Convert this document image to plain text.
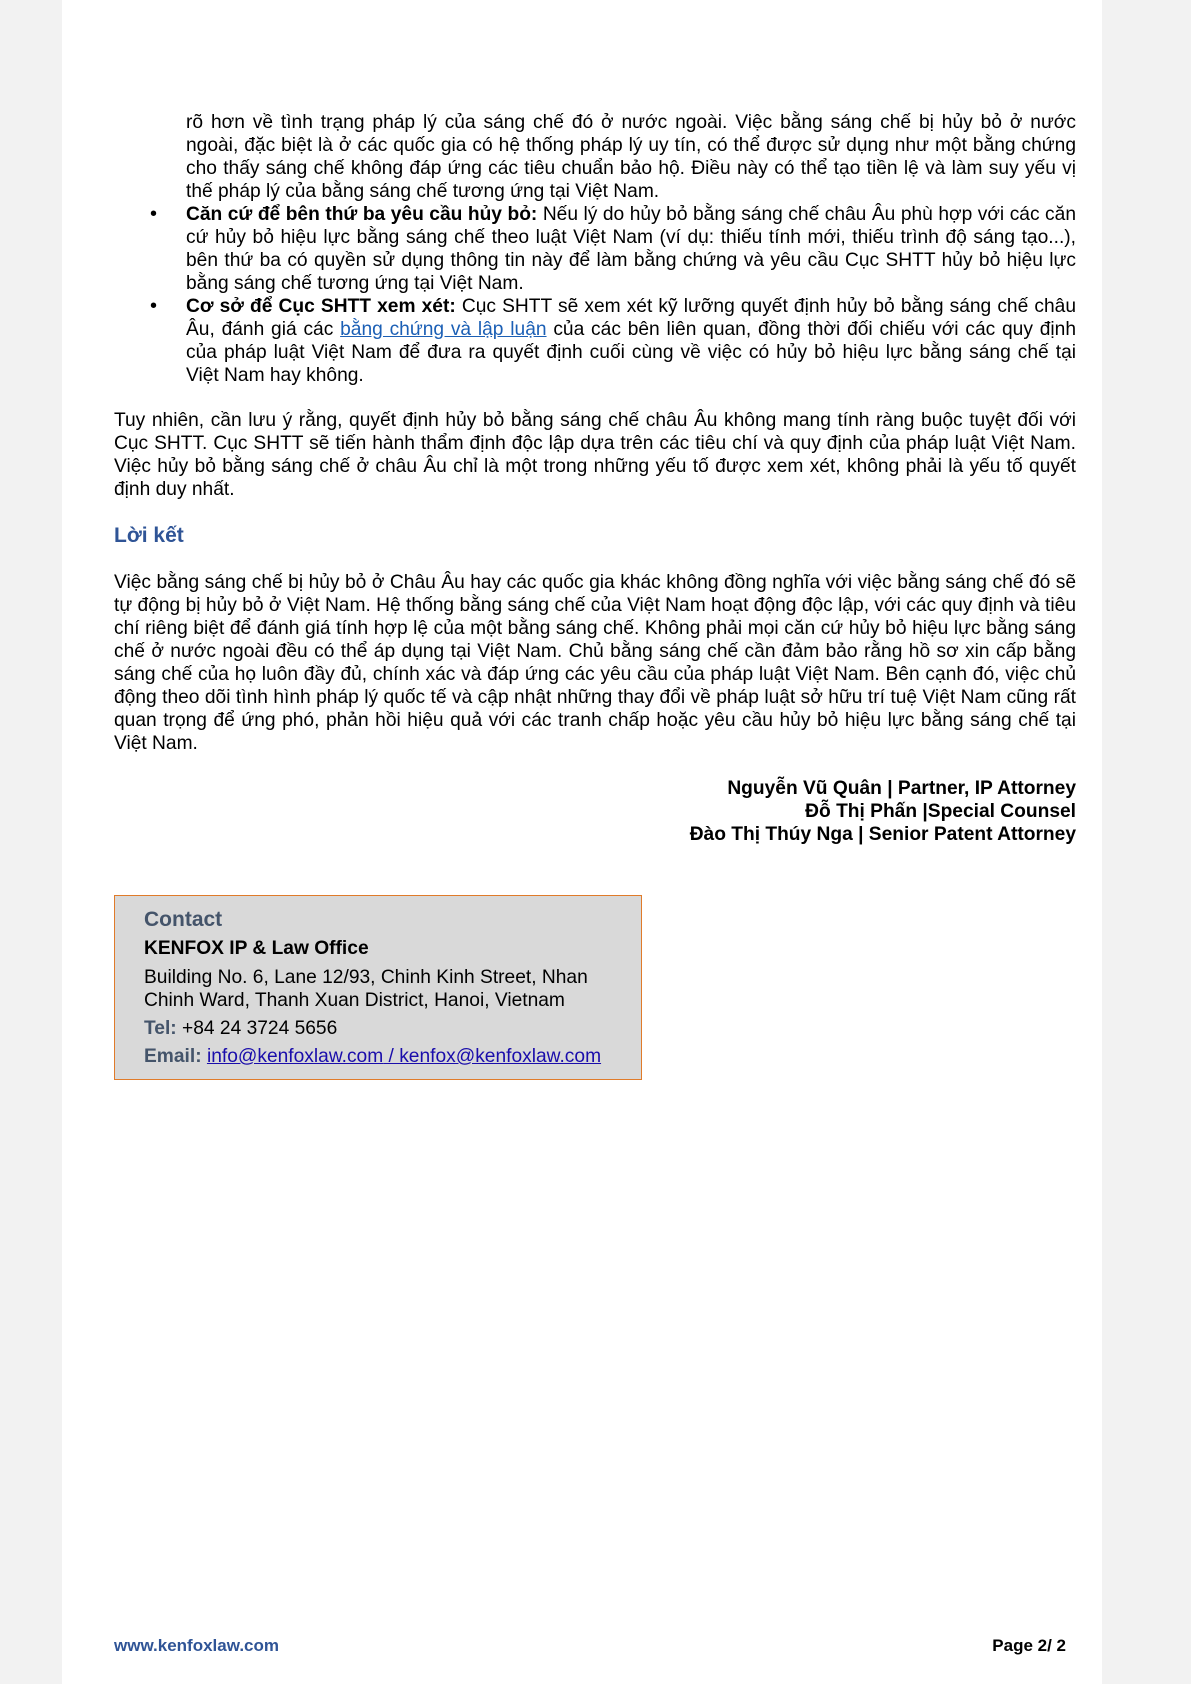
rõ hơn về tình trạng pháp lý của sáng chế đó ở nước ngoài. Việc bằng sáng chế bị hủy bỏ ở nước ngoài, đặc biệt là ở các quốc gia có hệ thống pháp lý uy tín, có thể được sử dụng như một bằng chứng cho thấy sáng chế không đáp ứng các tiêu chuẩn bảo hộ. Điều này có thể tạo tiền lệ và làm suy yếu vị thế pháp lý của bằng sáng chế tương ứng tại Việt Nam.

• Căn cứ để bên thứ ba yêu cầu hủy bỏ: Nếu lý do hủy bỏ bằng sáng chế châu Âu phù hợp với các căn cứ hủy bỏ hiệu lực bằng sáng chế theo luật Việt Nam (ví dụ: thiếu tính mới, thiếu trình độ sáng tạo...), bên thứ ba có quyền sử dụng thông tin này để làm bằng chứng và yêu cầu Cục SHTT hủy bỏ hiệu lực bằng sáng chế tương ứng tại Việt Nam.
• Cơ sở để Cục SHTT xem xét: Cục SHTT sẽ xem xét kỹ lưỡng quyết định hủy bỏ bằng sáng chế châu Âu, đánh giá các bằng chứng và lập luận của các bên liên quan, đồng thời đối chiếu với các quy định của pháp luật Việt Nam để đưa ra quyết định cuối cùng về việc có hủy bỏ hiệu lực bằng sáng chế tại Việt Nam hay không.

Tuy nhiên, cần lưu ý rằng, quyết định hủy bỏ bằng sáng chế châu Âu không mang tính ràng buộc tuyệt đối với Cục SHTT. Cục SHTT sẽ tiến hành thẩm định độc lập dựa trên các tiêu chí và quy định của pháp luật Việt Nam. Việc hủy bỏ bằng sáng chế ở châu Âu chỉ là một trong những yếu tố được xem xét, không phải là yếu tố quyết định duy nhất.

Lời kết

Việc bằng sáng chế bị hủy bỏ ở Châu Âu hay các quốc gia khác không đồng nghĩa với việc bằng sáng chế đó sẽ tự động bị hủy bỏ ở Việt Nam. Hệ thống bằng sáng chế của Việt Nam hoạt động độc lập, với các quy định và tiêu chí riêng biệt để đánh giá tính hợp lệ của một bằng sáng chế. Không phải mọi căn cứ hủy bỏ hiệu lực bằng sáng chế ở nước ngoài đều có thể áp dụng tại Việt Nam. Chủ bằng sáng chế cần đảm bảo rằng hồ sơ xin cấp bằng sáng chế của họ luôn đầy đủ, chính xác và đáp ứng các yêu cầu của pháp luật Việt Nam. Bên cạnh đó, việc chủ động theo dõi tình hình pháp lý quốc tế và cập nhật những thay đổi về pháp luật sở hữu trí tuệ Việt Nam cũng rất quan trọng để ứng phó, phản hồi hiệu quả với các tranh chấp hoặc yêu cầu hủy bỏ hiệu lực bằng sáng chế tại Việt Nam.

Nguyễn Vũ Quân | Partner, IP Attorney
Đỗ Thị Phấn |Special Counsel
Đào Thị Thúy Nga | Senior Patent Attorney
Contact
KENFOX IP & Law Office
Building No. 6, Lane 12/93, Chinh Kinh Street, Nhan Chinh Ward, Thanh Xuan District, Hanoi, Vietnam
Tel: +84 24 3724 5656
Email: info@kenfoxlaw.com / kenfox@kenfoxlaw.com
www.kenfoxlaw.com	Page 2/ 2
